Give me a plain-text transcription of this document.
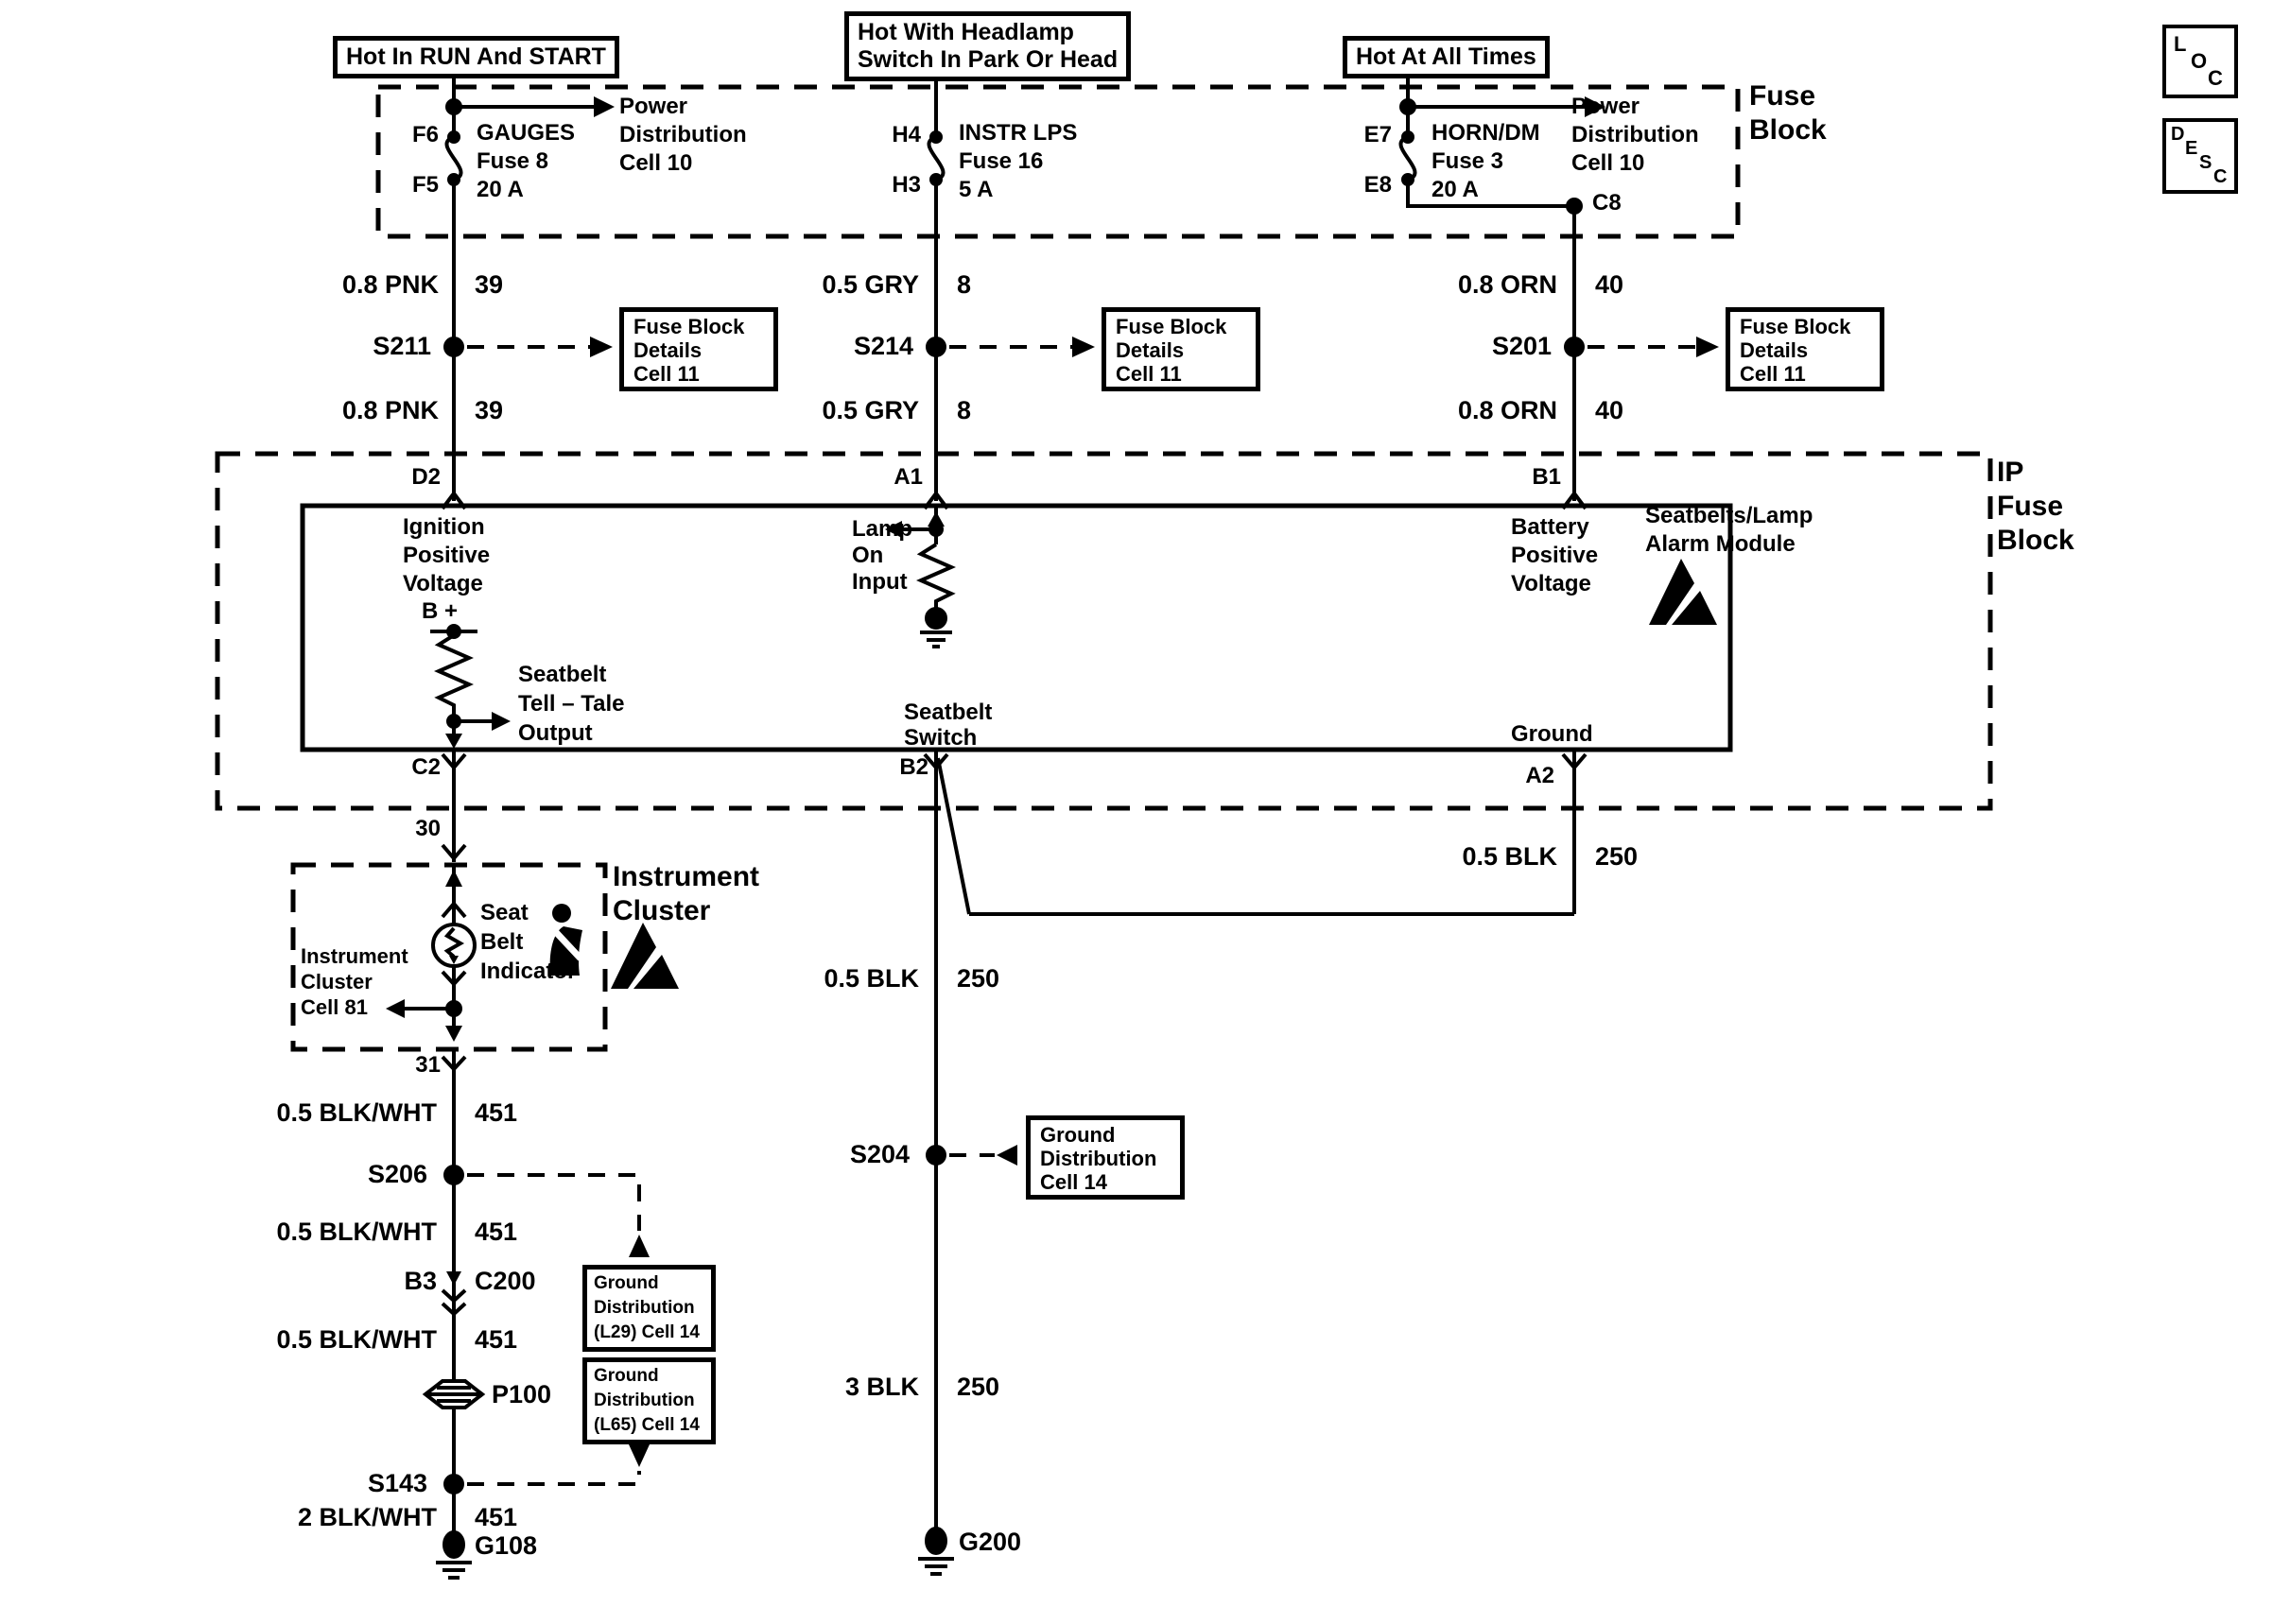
L
O
C
D
E
S
C
Hot In RUN And START
Hot With Headlamp
Switch In Park Or Head	Hot At All Times
Fuse
Block
Power
Distribution
Cell 10
Power
Distribution
Cell 10
F6
F5
GAUGES
Fuse 8
20 A
H4
H3
INSTR LPS
Fuse 16
5 A
E7
E8
HORN/DM
Fuse 3
20 A
C8
0.8 PNK 39
S211
0.8 PNK 39
0.5 GRY 8
S214
0.5 GRY 8
0.8 ORN 40
S201
0.8 ORN 40
Fuse Block
Details
Cell 11
Fuse Block
Details
Cell 11
Fuse Block
Details
Cell 11
IP
Fuse
Block
Seatbelts/Lamp
Alarm Module
D2	A1	B1
Ignition
Positive
Voltage
B +
Seatbelt
Tell – Tale
Output
Lamp
On
Input
Seatbelt
Switch
Battery
Positive
Voltage
Ground
C2	B2	A2
0.5 BLK 250
30
Instrument
Cluster
Seat
Belt
Indicator
Instrument
Cluster
Cell 81
31
0.5 BLK/WHT 451
S206
0.5 BLK/WHT 451
B3 C200
0.5 BLK/WHT 451
P100
S143
2 BLK/WHT 451
G108
Ground
Distribution
(L29) Cell 14
Ground
Distribution
(L65) Cell 14
0.5 BLK 250
S204
Ground
Distribution
Cell 14
3 BLK 250
G200
